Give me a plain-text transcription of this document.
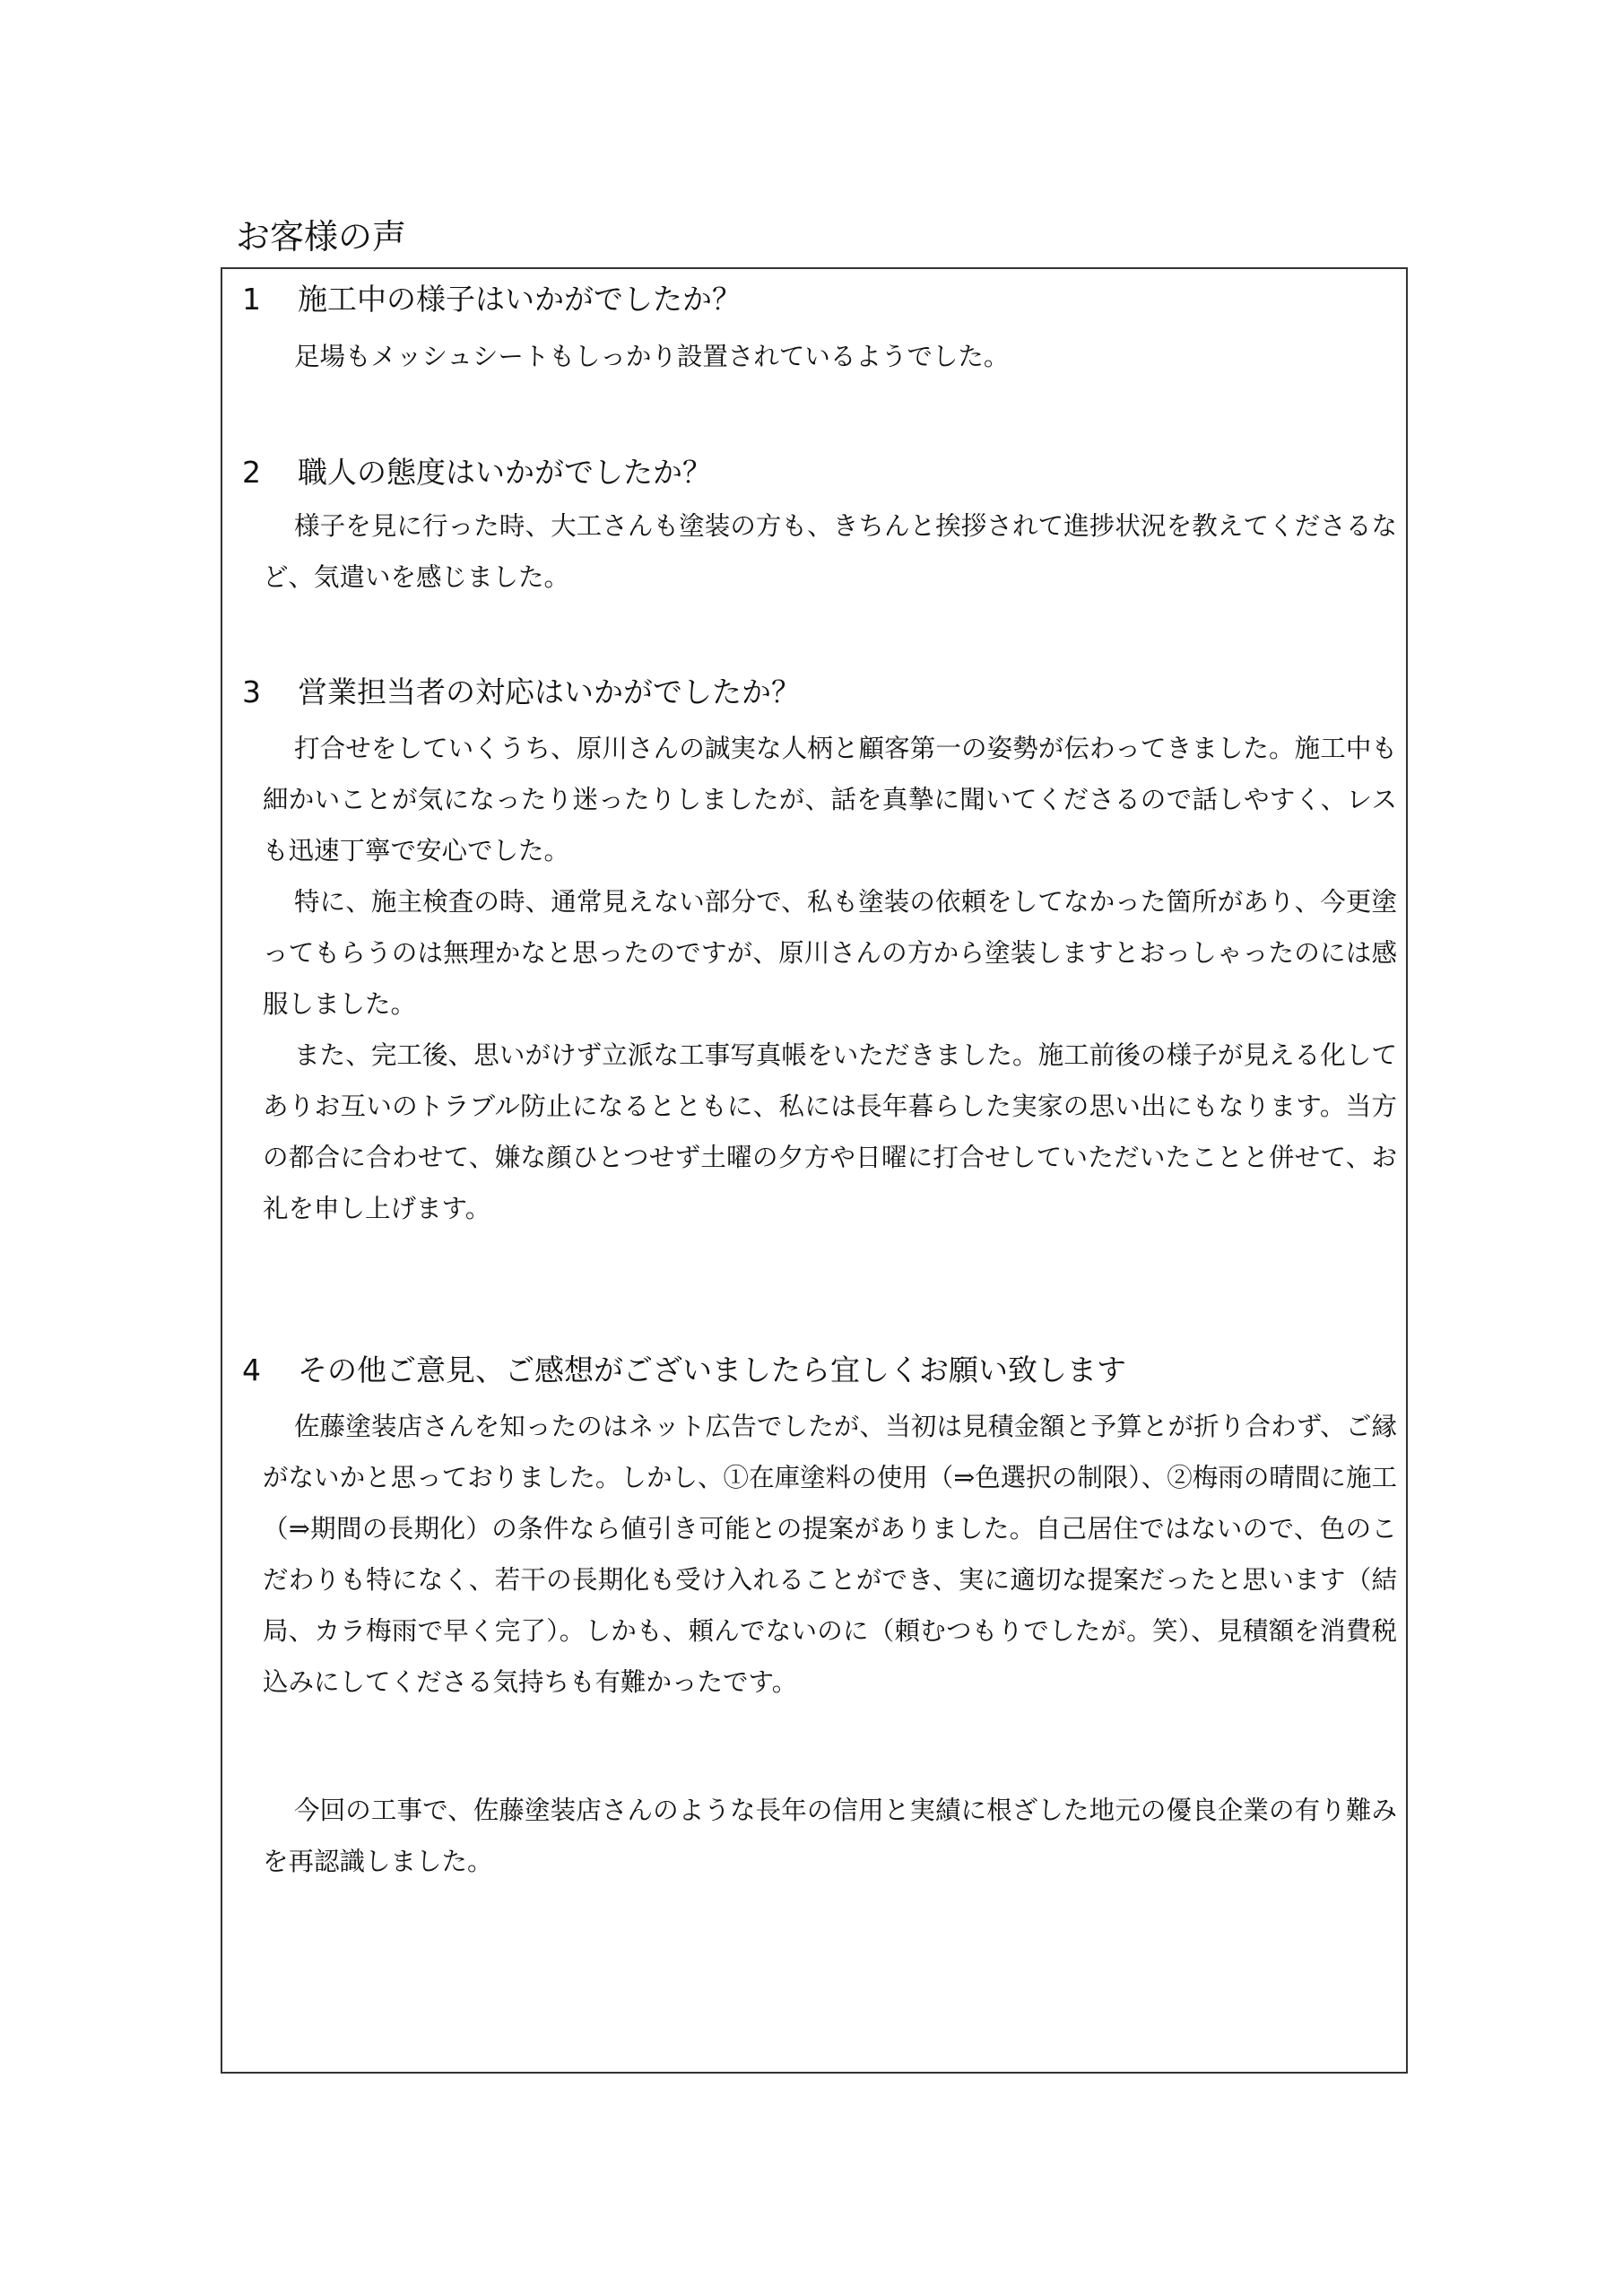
お客様の声
1 施工中の様子はいかがでしたか？

足場もメッシュシートもしっかり設置されているようでした。

2 職人の態度はいかがでしたか？

様子を見に行った時、大工さんも塗装の方も、きちんと挨拶されて進捗状況を教えてくださるなど、気遣いを感じました。

3 営業担当者の対応はいかがでしたか？

打合せをしていくうち、原川さんの誠実な人柄と顧客第一の姿勢が伝わってきました。施工中も細かいことが気になったり迷ったりしましたが、話を真摯に聞いてくださるので話しやすく、レスも迅速丁寧で安心でした。

特に、施主検査の時、通常見えない部分で、私も塗装の依頼をしてなかった箇所があり、今更塗ってもらうのは無理かなと思ったのですが、原川さんの方から塗装しますとおっしゃったのには感服しました。

また、完工後、思いがけず立派な工事写真帳をいただきました。施工前後の様子が見える化してありお互いのトラブル防止になるとともに、私には長年暮らした実家の思い出にもなります。当方の都合に合わせて、嫌な顔ひとつせず土曜の夕方や日曜に打合せしていただいたことと併せて、お礼を申し上げます。

4 その他ご意見、ご感想がございましたら宜しくお願い致します

佐藤塗装店さんを知ったのはネット広告でしたが、当初は見積金額と予算とが折り合わず、ご縁がないかと思っておりました。しかし、①在庫塗料の使用（⇒色選択の制限）、②梅雨の晴間に施工（⇒期間の長期化）の条件なら値引き可能との提案がありました。自己居住ではないので、色のこだわりも特になく、若干の長期化も受け入れることができ、実に適切な提案だったと思います（結局、カラ梅雨で早く完了）。しかも、頼んでないのに（頼むつもりでしたが。笑）、見積額を消費税込みにしてくださる気持ちも有難かったです。

今回の工事で、佐藤塗装店さんのような長年の信用と実績に根ざした地元の優良企業の有り難みを再認識しました。
